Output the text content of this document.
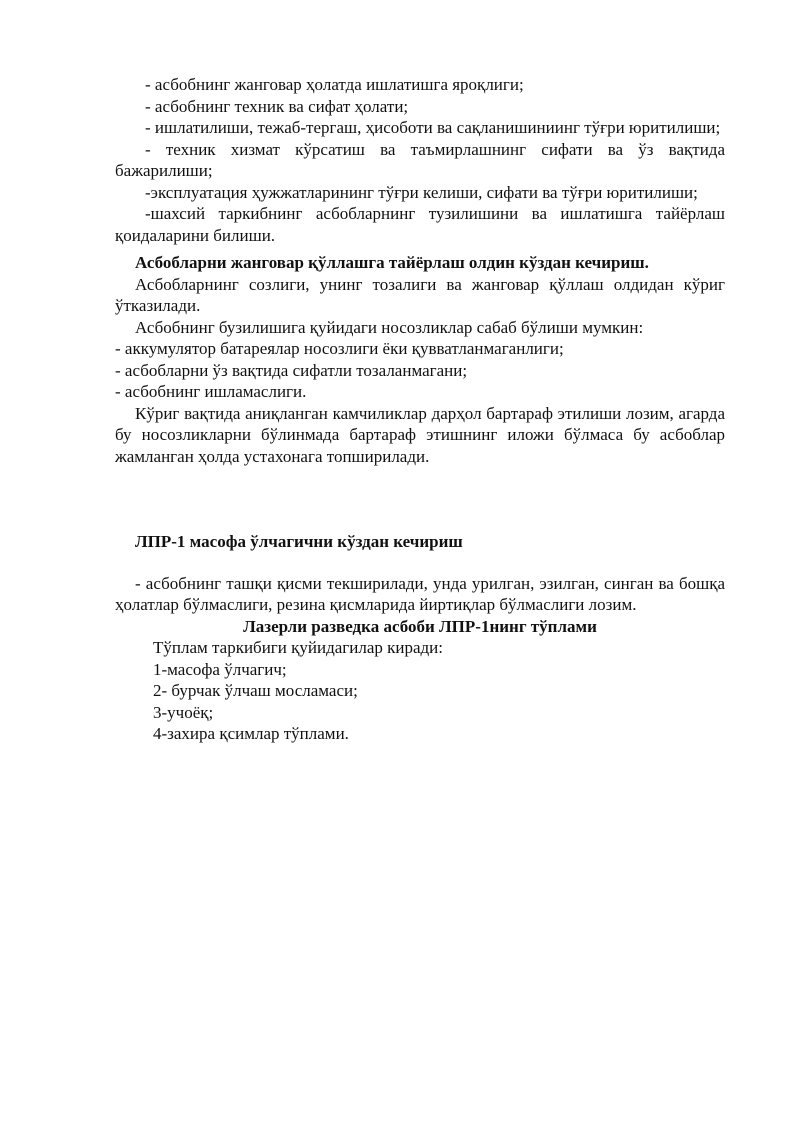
- асбобнинг жанговар ҳолатда ишлатишга яроқлиги;

- асбобнинг техник ва сифат ҳолати;

- ишлатилиши, тежаб-тергаш, ҳисоботи ва сақланишиниинг тўғри юритилиши;

- техник хизмат кўрсатиш ва таъмирлашнинг сифати ва ўз вақтида бажарилиши;

-эксплуатация ҳужжатларининг тўғри келиши, сифати ва тўғри юритилиши;

-шахсий таркибнинг асбобларнинг тузилишини ва ишлатишга тайёрлаш қоидаларини билиши.

Асбобларни жанговар қўллашга тайёрлаш олдин кўздан кечириш.

Асбобларнинг созлиги, унинг тозалиги ва жанговар қўллаш олдидан кўриг ўтказилади.

Асбобнинг бузилишига қуйидаги носозликлар сабаб бўлиши мумкин:

- аккумулятор батареялар носозлиги ёки қувватланмаганлиги;

- асбобларни ўз вақтида сифатли тозаланмагани;

- асбобнинг ишламаслиги.

Кўриг вақтида аниқланган камчиликлар дарҳол бартараф этилиши лозим, агарда бу носозликларни бўлинмада бартараф этишнинг иложи бўлмаса бу асбоблар жамланган ҳолда устахонага топширилади.

ЛПР-1 масофа ўлчагични кўздан кечириш

- асбобнинг ташқи қисми текширилади, унда урилган, эзилган, синган ва бошқа ҳолатлар бўлмаслиги, резина қисмларида йиртиқлар бўлмаслиги лозим.

Лазерли разведка асбоби ЛПР-1нинг тўплами

Тўплам таркибиги қуйидагилар киради:

1-масофа ўлчагич;

2- бурчак ўлчаш мосламаси;

3-учоёқ;

4-захира қсимлар тўплами.
